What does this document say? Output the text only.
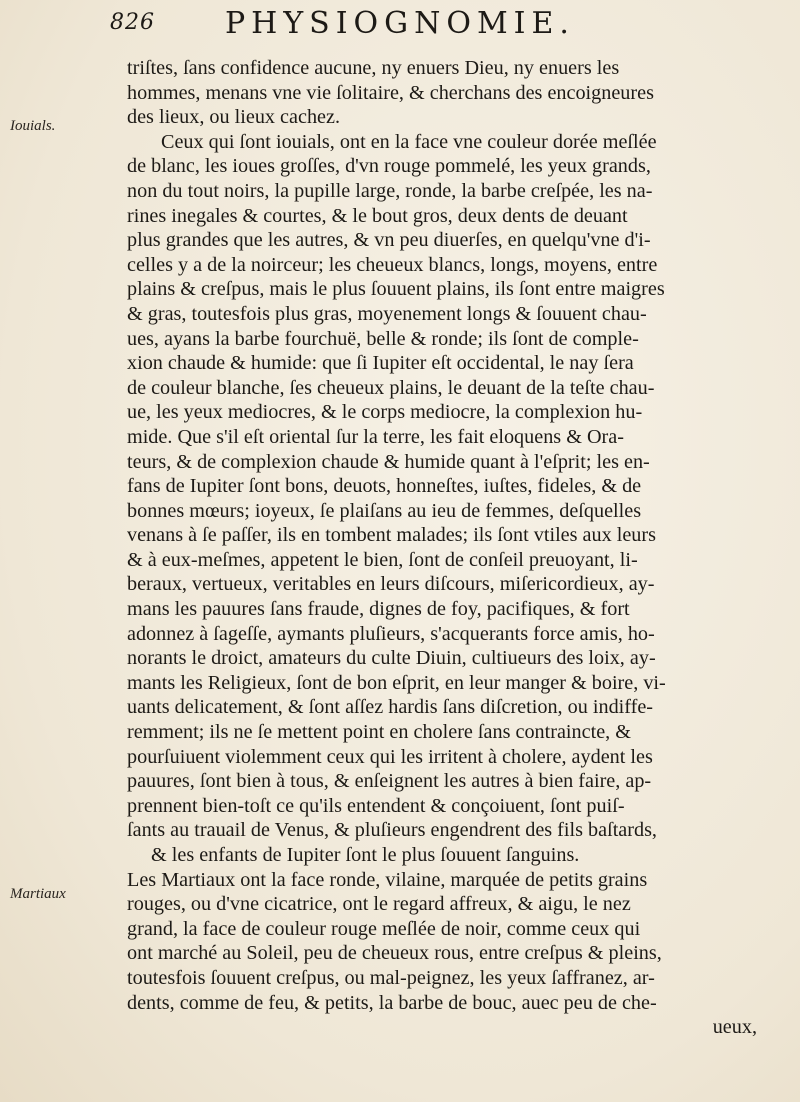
826 PHYSIOGNOMIE.
Iouials.
Martiaux
triſtes, ſans confidence aucune, ny enuers Dieu, ny enuers les
hommes, menans vne vie ſolitaire, & cherchans des encoigneures
des lieux, ou lieux cachez.
Ceux qui ſont iouials, ont en la face vne couleur dorée meſlée
de blanc, les ioues groſſes, d'vn rouge pommelé, les yeux grands,
non du tout noirs, la pupille large, ronde, la barbe creſpée, les na-
rines inegales & courtes, & le bout gros, deux dents de deuant
plus grandes que les autres, & vn peu diuerſes, en quelqu'vne d'i-
celles y a de la noirceur; les cheueux blancs, longs, moyens, entre
plains & creſpus, mais le plus ſouuent plains, ils ſont entre maigres
& gras, toutesfois plus gras, moyenement longs & ſouuent chau-
ues, ayans la barbe fourchuë, belle & ronde; ils ſont de comple-
xion chaude & humide: que ſi Iupiter eſt occidental, le nay ſera
de couleur blanche, ſes cheueux plains, le deuant de la teſte chau-
ue, les yeux mediocres, & le corps mediocre, la complexion hu-
mide. Que s'il eſt oriental ſur la terre, les fait eloquens & Ora-
teurs, & de complexion chaude & humide quant à l'eſprit; les en-
fans de Iupiter ſont bons, deuots, honneſtes, iuſtes, fideles, & de
bonnes mœurs; ioyeux, ſe plaiſans au ieu de femmes, deſquelles
venans à ſe paſſer, ils en tombent malades; ils ſont vtiles aux leurs
& à eux-meſmes, appetent le bien, ſont de conſeil preuoyant, li-
beraux, vertueux, veritables en leurs diſcours, miſericordieux, ay-
mans les pauures ſans fraude, dignes de foy, pacifiques, & fort
adonnez à ſageſſe, aymants pluſieurs, s'acquerants force amis, ho-
norants le droict, amateurs du culte Diuin, cultiueurs des loix, ay-
mants les Religieux, ſont de bon eſprit, en leur manger & boire, vi-
uants delicatement, & ſont aſſez hardis ſans diſcretion, ou indiffe-
remment; ils ne ſe mettent point en cholere ſans contraincte, &
pourſuiuent violemment ceux qui les irritent à cholere, aydent les
pauures, ſont bien à tous, & enſeignent les autres à bien faire, ap-
prennent bien-toſt ce qu'ils entendent & conçoiuent, ſont puiſ-
ſants au trauail de Venus, & pluſieurs engendrent des fils baſtards,
& les enfants de Iupiter ſont le plus ſouuent ſanguins.
Les Martiaux ont la face ronde, vilaine, marquée de petits grains
rouges, ou d'vne cicatrice, ont le regard affreux, & aigu, le nez
grand, la face de couleur rouge meſlée de noir, comme ceux qui
ont marché au Soleil, peu de cheueux rous, entre creſpus & pleins,
toutesfois ſouuent creſpus, ou mal-peignez, les yeux ſaffranez, ar-
dents, comme de feu, & petits, la barbe de bouc, auec peu de che-
ueux,
